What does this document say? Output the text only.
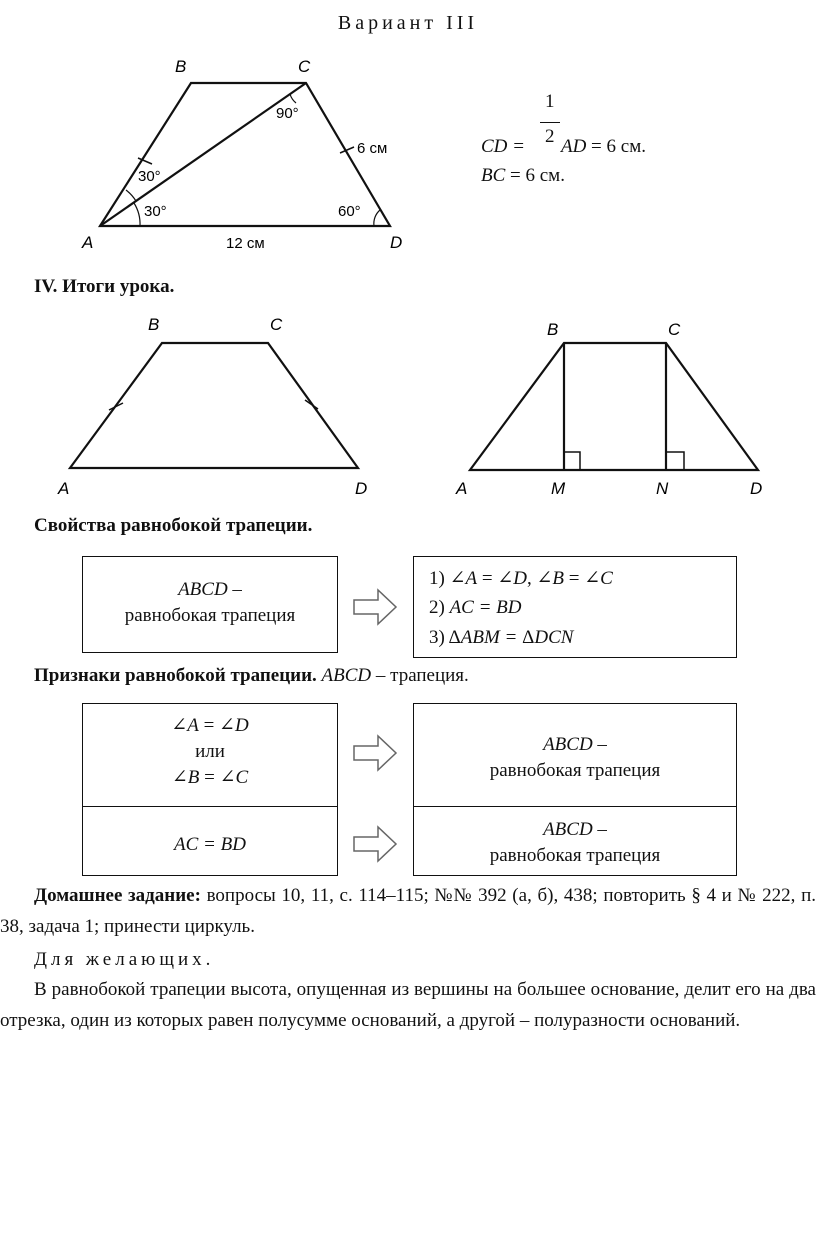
Вариант III
B	C
A	D
90°
30°
30°	60°
6 см
12 см
1
2
CD = AD = 6 см.
BC = 6 см.
IV. Итоги урока.
B	C
A	D
B	C
A	M	N	D
Свойства равнобокой трапеции.
ABCD –
равнобокая трапеция
1) ∠A = ∠D, ∠B = ∠C
2) AC = BD
3) ΔABM = ΔDCN
Признаки равнобокой трапеции. ABCD – трапеция.
∠A = ∠D
или
∠B = ∠C
AC = BD
ABCD –
равнобокая трапеция
ABCD –
равнобокая трапеция
Домашнее задание: вопросы 10, 11, с. 114–115; №№ 392 (а, б), 438; повторить § 4 и № 222, п. 38, задача 1; принести циркуль.
Для желающих.
В равнобокой трапеции высота, опущенная из вершины на большее основание, делит его на два отрезка, один из которых равен полусумме оснований, а другой – полуразности оснований.
